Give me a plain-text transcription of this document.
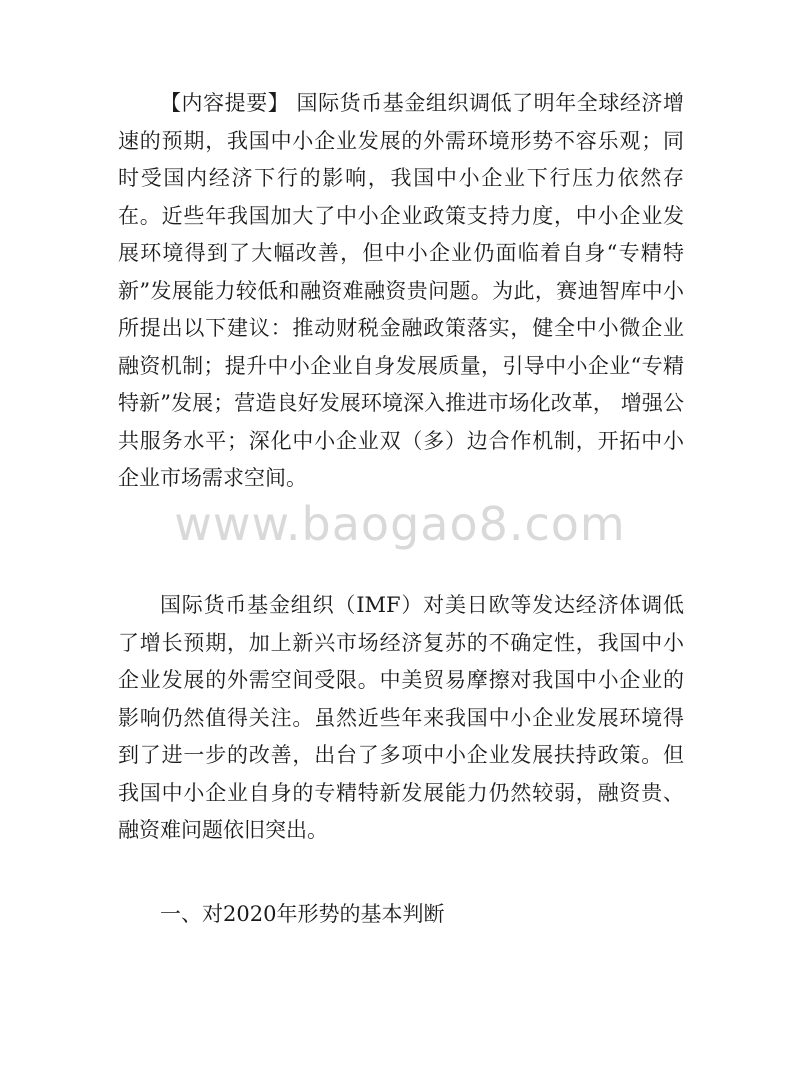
【内容提要】 国际货币基金组织调低了明年全球经济增速的预期，我国中小企业发展的外需环境形势不容乐观；同时受国内经济下行的影响，我国中小企业下行压力依然存在。近些年我国加大了中小企业政策支持力度，中小企业发展环境得到了大幅改善，但中小企业仍面临着自身“专精特新”发展能力较低和融资难融资贵问题。为此，赛迪智库中小所提出以下建议：推动财税金融政策落实，健全中小微企业融资机制；提升中小企业自身发展质量，引导中小企业“专精特新”发展；营造良好发展环境深入推进市场化改革， 增强公共服务水平；深化中小企业双（多）边合作机制，开拓中小企业市场需求空间。

www.baogao8.com

国际货币基金组织（IMF）对美日欧等发达经济体调低了增长预期，加上新兴市场经济复苏的不确定性，我国中小企业发展的外需空间受限。中美贸易摩擦对我国中小企业的影响仍然值得关注。虽然近些年来我国中小企业发展环境得到了进一步的改善，出台了多项中小企业发展扶持政策。但我国中小企业自身的专精特新发展能力仍然较弱，融资贵、融资难问题依旧突出。

一、对2020年形势的基本判断
